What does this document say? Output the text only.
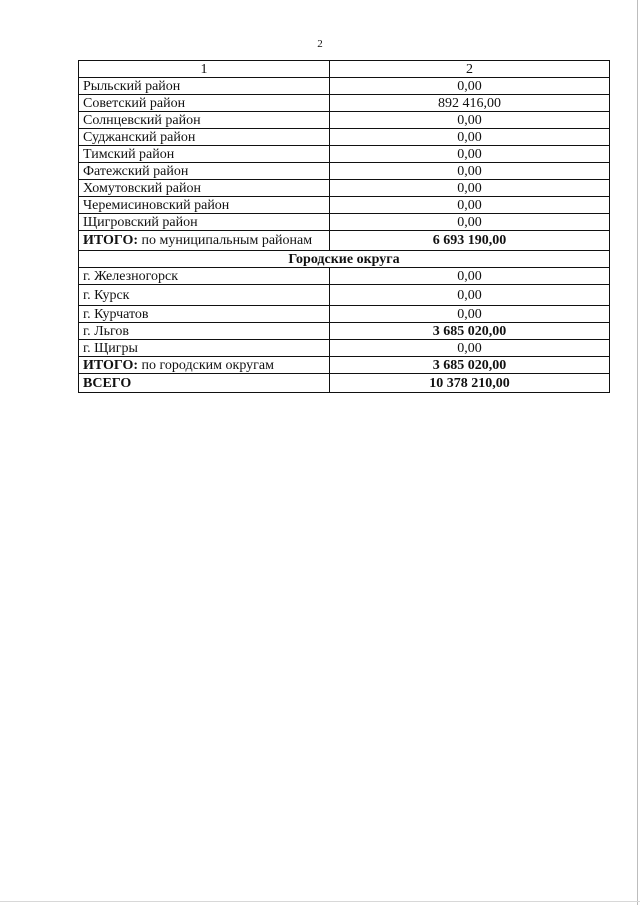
2
1	2
Рыльский район	0,00
Советский район	892 416,00
Солнцевский район	0,00
Суджанский район	0,00
Тимский район	0,00
Фатежский район	0,00
Хомутовский район	0,00
Черемисиновский район	0,00
Щигровский район	0,00
ИТОГО: по муниципальным районам	6 693 190,00
Городские округа	
г. Железногорск	0,00
г. Курск	0,00
г. Курчатов	0,00
г. Льгов	3 685 020,00
г. Щигры	0,00
ИТОГО: по городским округам	3 685 020,00
ВСЕГО	10 378 210,00
